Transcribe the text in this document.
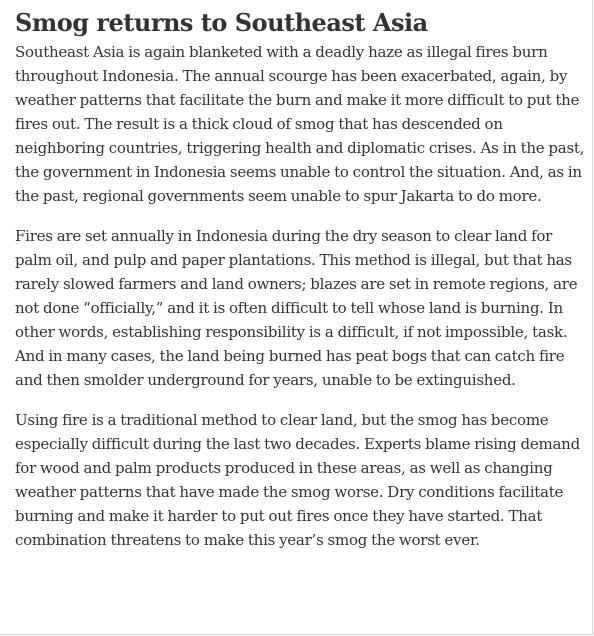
Smog returns to Southeast Asia

Southeast Asia is again blanketed with a deadly haze as illegal fires burn throughout Indonesia. The annual scourge has been exacerbated, again, by weather patterns that facilitate the burn and make it more difficult to put the fires out. The result is a thick cloud of smog that has descended on neighboring countries, triggering health and diplomatic crises. As in the past, the government in Indonesia seems unable to control the situation. And, as in the past, regional governments seem unable to spur Jakarta to do more.

Fires are set annually in Indonesia during the dry season to clear land for palm oil, and pulp and paper plantations. This method is illegal, but that has rarely slowed farmers and land owners; blazes are set in remote regions, are not done “officially,” and it is often difficult to tell whose land is burning. In other words, establishing responsibility is a difficult, if not impossible, task. And in many cases, the land being burned has peat bogs that can catch fire and then smolder underground for years, unable to be extinguished.

Using fire is a traditional method to clear land, but the smog has become especially difficult during the last two decades. Experts blame rising demand for wood and palm products produced in these areas, as well as changing weather patterns that have made the smog worse. Dry conditions facilitate burning and make it harder to put out fires once they have started. That combination threatens to make this year’s smog the worst ever.
